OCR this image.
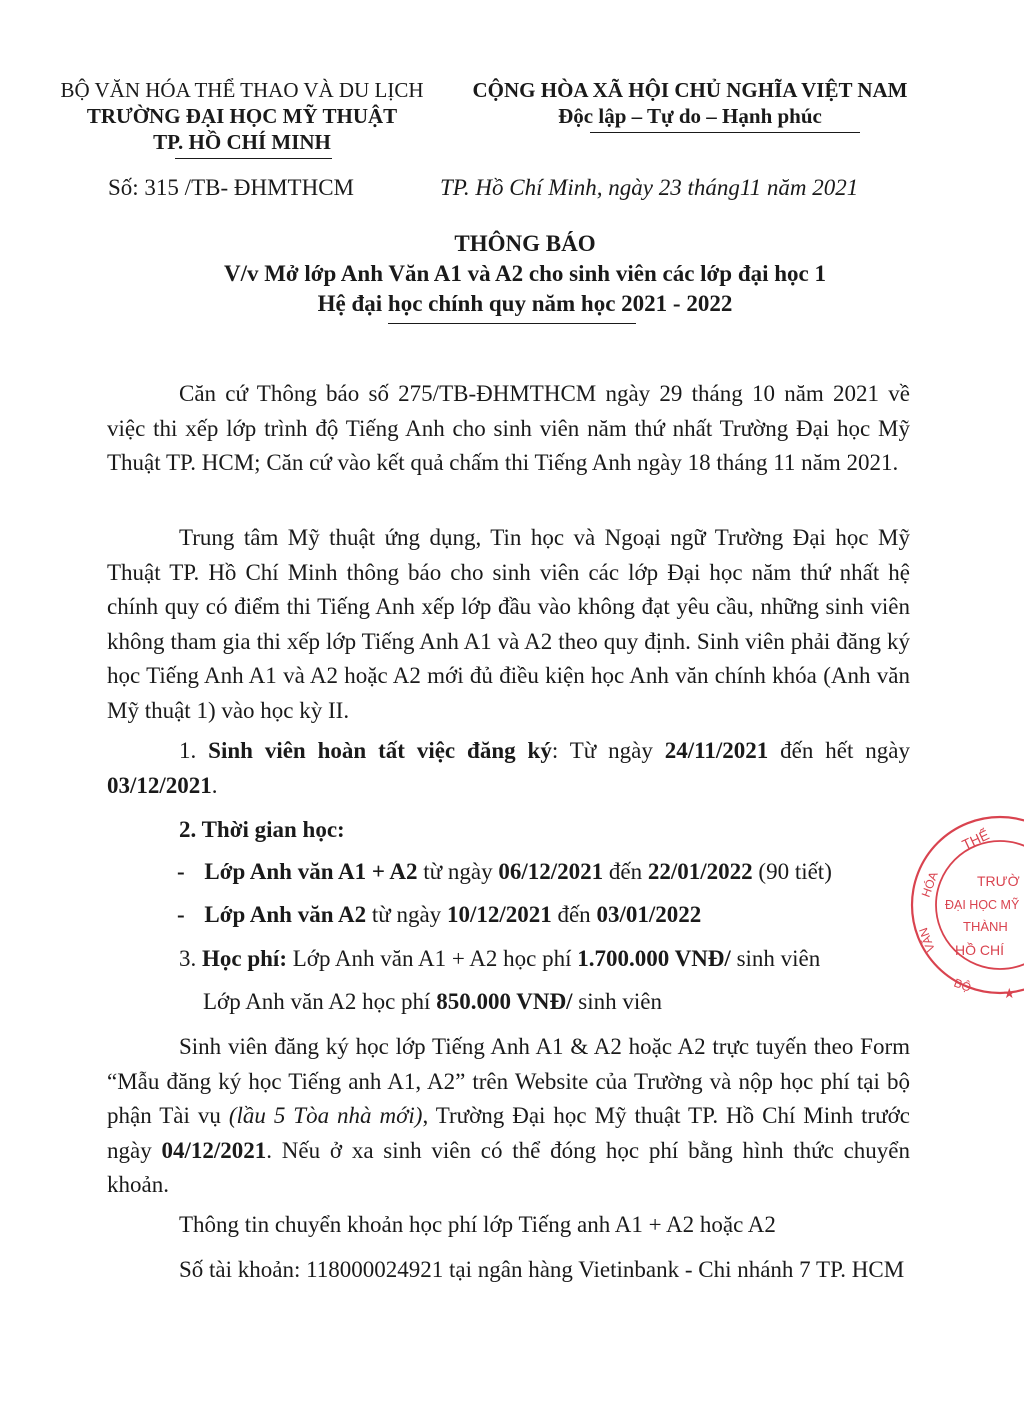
BỘ VĂN HÓA THỂ THAO VÀ DU LỊCH
TRƯỜNG ĐẠI HỌC MỸ THUẬT
TP. HỒ CHÍ MINH
CỘNG HÒA XÃ HỘI CHỦ NGHĨA VIỆT NAM
Độc lập – Tự do – Hạnh phúc
Số: 315 /TB- ĐHMTHCM	TP. Hồ Chí Minh, ngày 23 tháng11 năm 2021
THÔNG BÁO
V/v Mở lớp Anh Văn A1 và A2 cho sinh viên các lớp đại học 1
Hệ đại học chính quy năm học 2021 - 2022
Căn cứ Thông báo số 275/TB-ĐHMTHCM ngày 29 tháng 10 năm 2021 về việc thi xếp lớp trình độ Tiếng Anh cho sinh viên năm thứ nhất Trường Đại học Mỹ Thuật TP. HCM; Căn cứ vào kết quả chấm thi Tiếng Anh ngày 18 tháng 11 năm 2021.
Trung tâm Mỹ thuật ứng dụng, Tin học và Ngoại ngữ Trường Đại học Mỹ Thuật TP. Hồ Chí Minh thông báo cho sinh viên các lớp Đại học năm thứ nhất hệ chính quy có điểm thi Tiếng Anh xếp lớp đầu vào không đạt yêu cầu, những sinh viên không tham gia thi xếp lớp Tiếng Anh A1 và A2 theo quy định. Sinh viên phải đăng ký học Tiếng Anh A1 và A2 hoặc A2 mới đủ điều kiện học Anh văn chính khóa (Anh văn Mỹ thuật 1) vào học kỳ II.
1. Sinh viên hoàn tất việc đăng ký: Từ ngày 24/11/2021 đến hết ngày 03/12/2021.
2. Thời gian học:
- Lớp Anh văn A1 + A2 từ ngày 06/12/2021 đến 22/01/2022 (90 tiết)
- Lớp Anh văn A2 từ ngày 10/12/2021 đến 03/01/2022
3. Học phí: Lớp Anh văn A1 + A2 học phí 1.700.000 VNĐ/ sinh viên
Lớp Anh văn A2 học phí 850.000 VNĐ/ sinh viên
Sinh viên đăng ký học lớp Tiếng Anh A1 & A2 hoặc A2 trực tuyến theo Form “Mẫu đăng ký học Tiếng anh A1, A2” trên Website của Trường và nộp học phí tại bộ phận Tài vụ (lầu 5 Tòa nhà mới), Trường Đại học Mỹ thuật TP. Hồ Chí Minh trước ngày 04/12/2021. Nếu ở xa sinh viên có thể đóng học phí bằng hình thức chuyển khoản.
Thông tin chuyển khoản học phí lớp Tiếng anh A1 + A2 hoặc A2
Số tài khoản: 118000024921 tại ngân hàng Vietinbank - Chi nhánh 7 TP. HCM
THỂ
HÓA
VĂN
TRƯỜ
ĐẠI HỌC MỸ
THÀNH
HỒ CHÍ
BỘ ★
